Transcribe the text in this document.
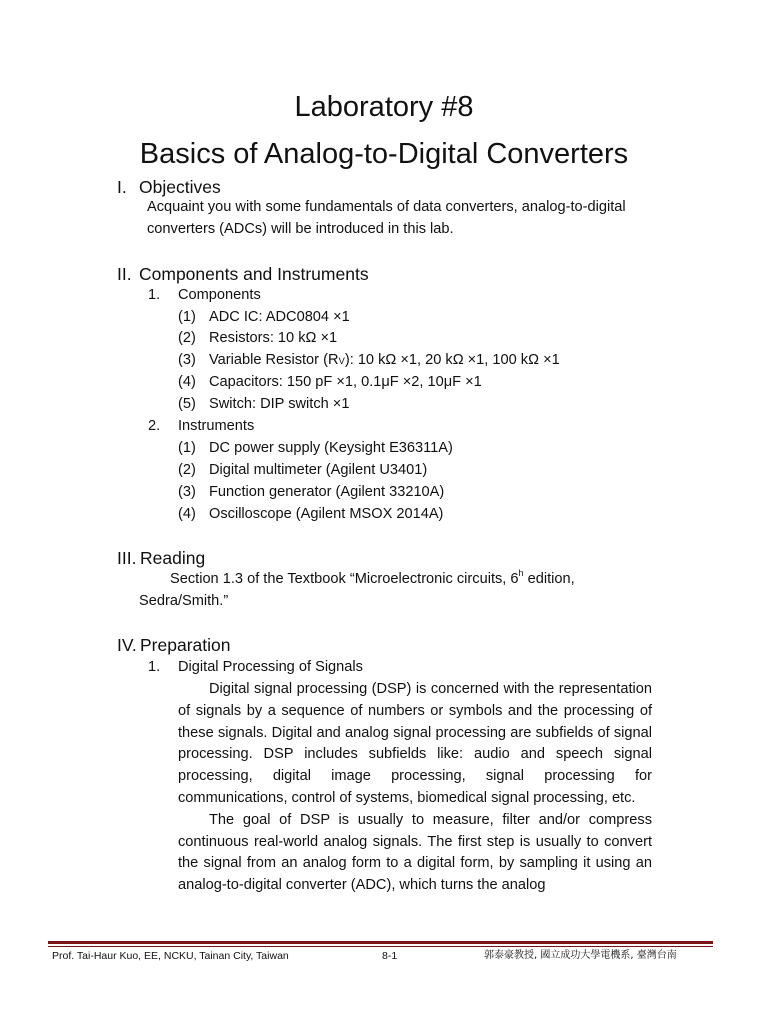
Laboratory #8
Basics of Analog-to-Digital Converters
I. Objectives
Acquaint you with some fundamentals of data converters, analog-to-digital
converters (ADCs) will be introduced in this lab.
II. Components and Instruments
1. Components
(1) ADC IC: ADC0804 ×1
(2) Resistors: 10 kΩ ×1
(3) Variable Resistor (RV): 10 kΩ ×1, 20 kΩ ×1, 100 kΩ ×1
(4) Capacitors: 150 pF ×1, 0.1μF ×2, 10μF ×1
(5) Switch: DIP switch ×1
2. Instruments
(1) DC power supply (Keysight E36311A)
(2) Digital multimeter (Agilent U3401)
(3) Function generator (Agilent 33210A)
(4) Oscilloscope (Agilent MSOX 2014A)
III. Reading
Section 1.3 of the Textbook “Microelectronic circuits, 6$^h$ edition,
Sedra/Smith.”
IV. Preparation
1. Digital Processing of Signals

Digital signal processing (DSP) is concerned with the representation of signals by a sequence of numbers or symbols and the processing of these signals. Digital and analog signal processing are subfields of signal processing. DSP includes subfields like: audio and speech signal processing, digital image processing, signal processing for communications, control of systems, biomedical signal processing, etc.

The goal of DSP is usually to measure, filter and/or compress continuous real-world analog signals. The first step is usually to convert the signal from an analog form to a digital form, by sampling it using an analog-to-digital converter (ADC), which turns the analog

Prof. Tai-Haur Kuo, EE, NCKU, Tainan City, Taiwan	8-1	郭泰豪教授, 國立成功大學電機系, 臺灣台南
